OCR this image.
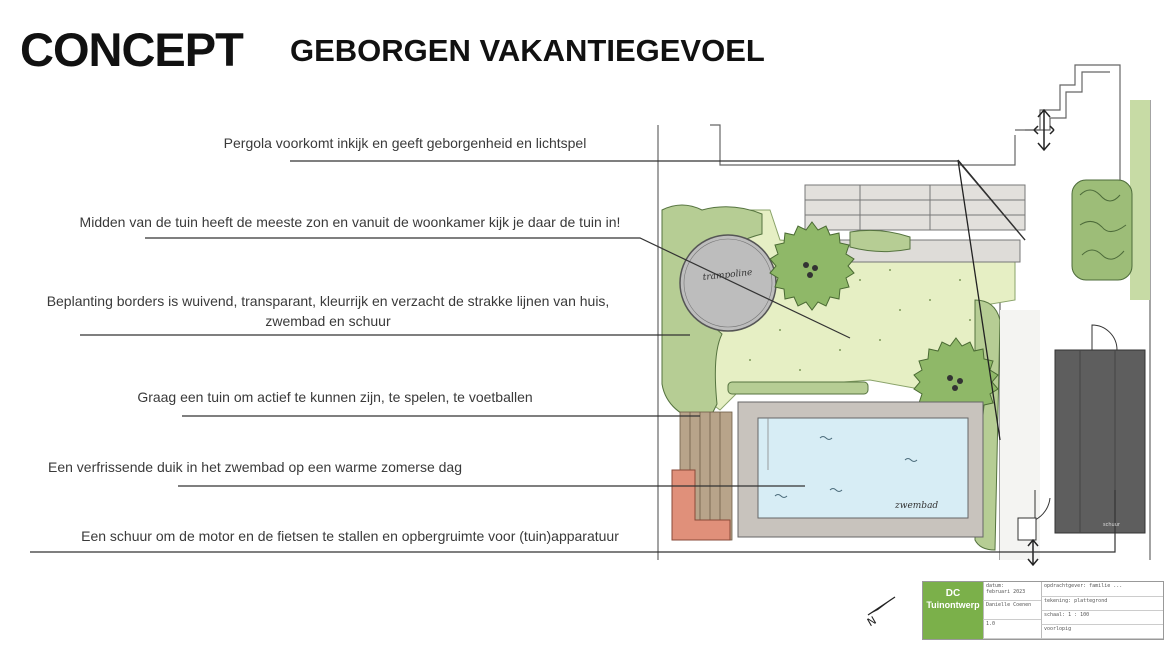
CONCEPT GEBORGEN VAKANTIEGEVOEL
trampoline
zwembad
schuur
N
Pergola voorkomt inkijk en geeft geborgenheid en lichtspel
Midden van de tuin heeft de meeste zon en vanuit de woonkamer kijk je daar de tuin in!
Beplanting borders is wuivend, transparant, kleurrijk en verzacht de strakke lijnen van huis, zwembad en schuur
Graag een tuin om actief te kunnen zijn, te spelen, te voetballen
Een verfrissende duik in het zwembad op een warme zomerse dag
Een schuur om de motor en de fietsen te stallen en opbergruimte voor (tuin)apparatuur
DC
Tuinontwerp
datum:
februari 2023
Danielle Coenen
1.0
opdrachtgever: familie ...
tekening: plattegrond
schaal: 1 : 100
voorlopig
